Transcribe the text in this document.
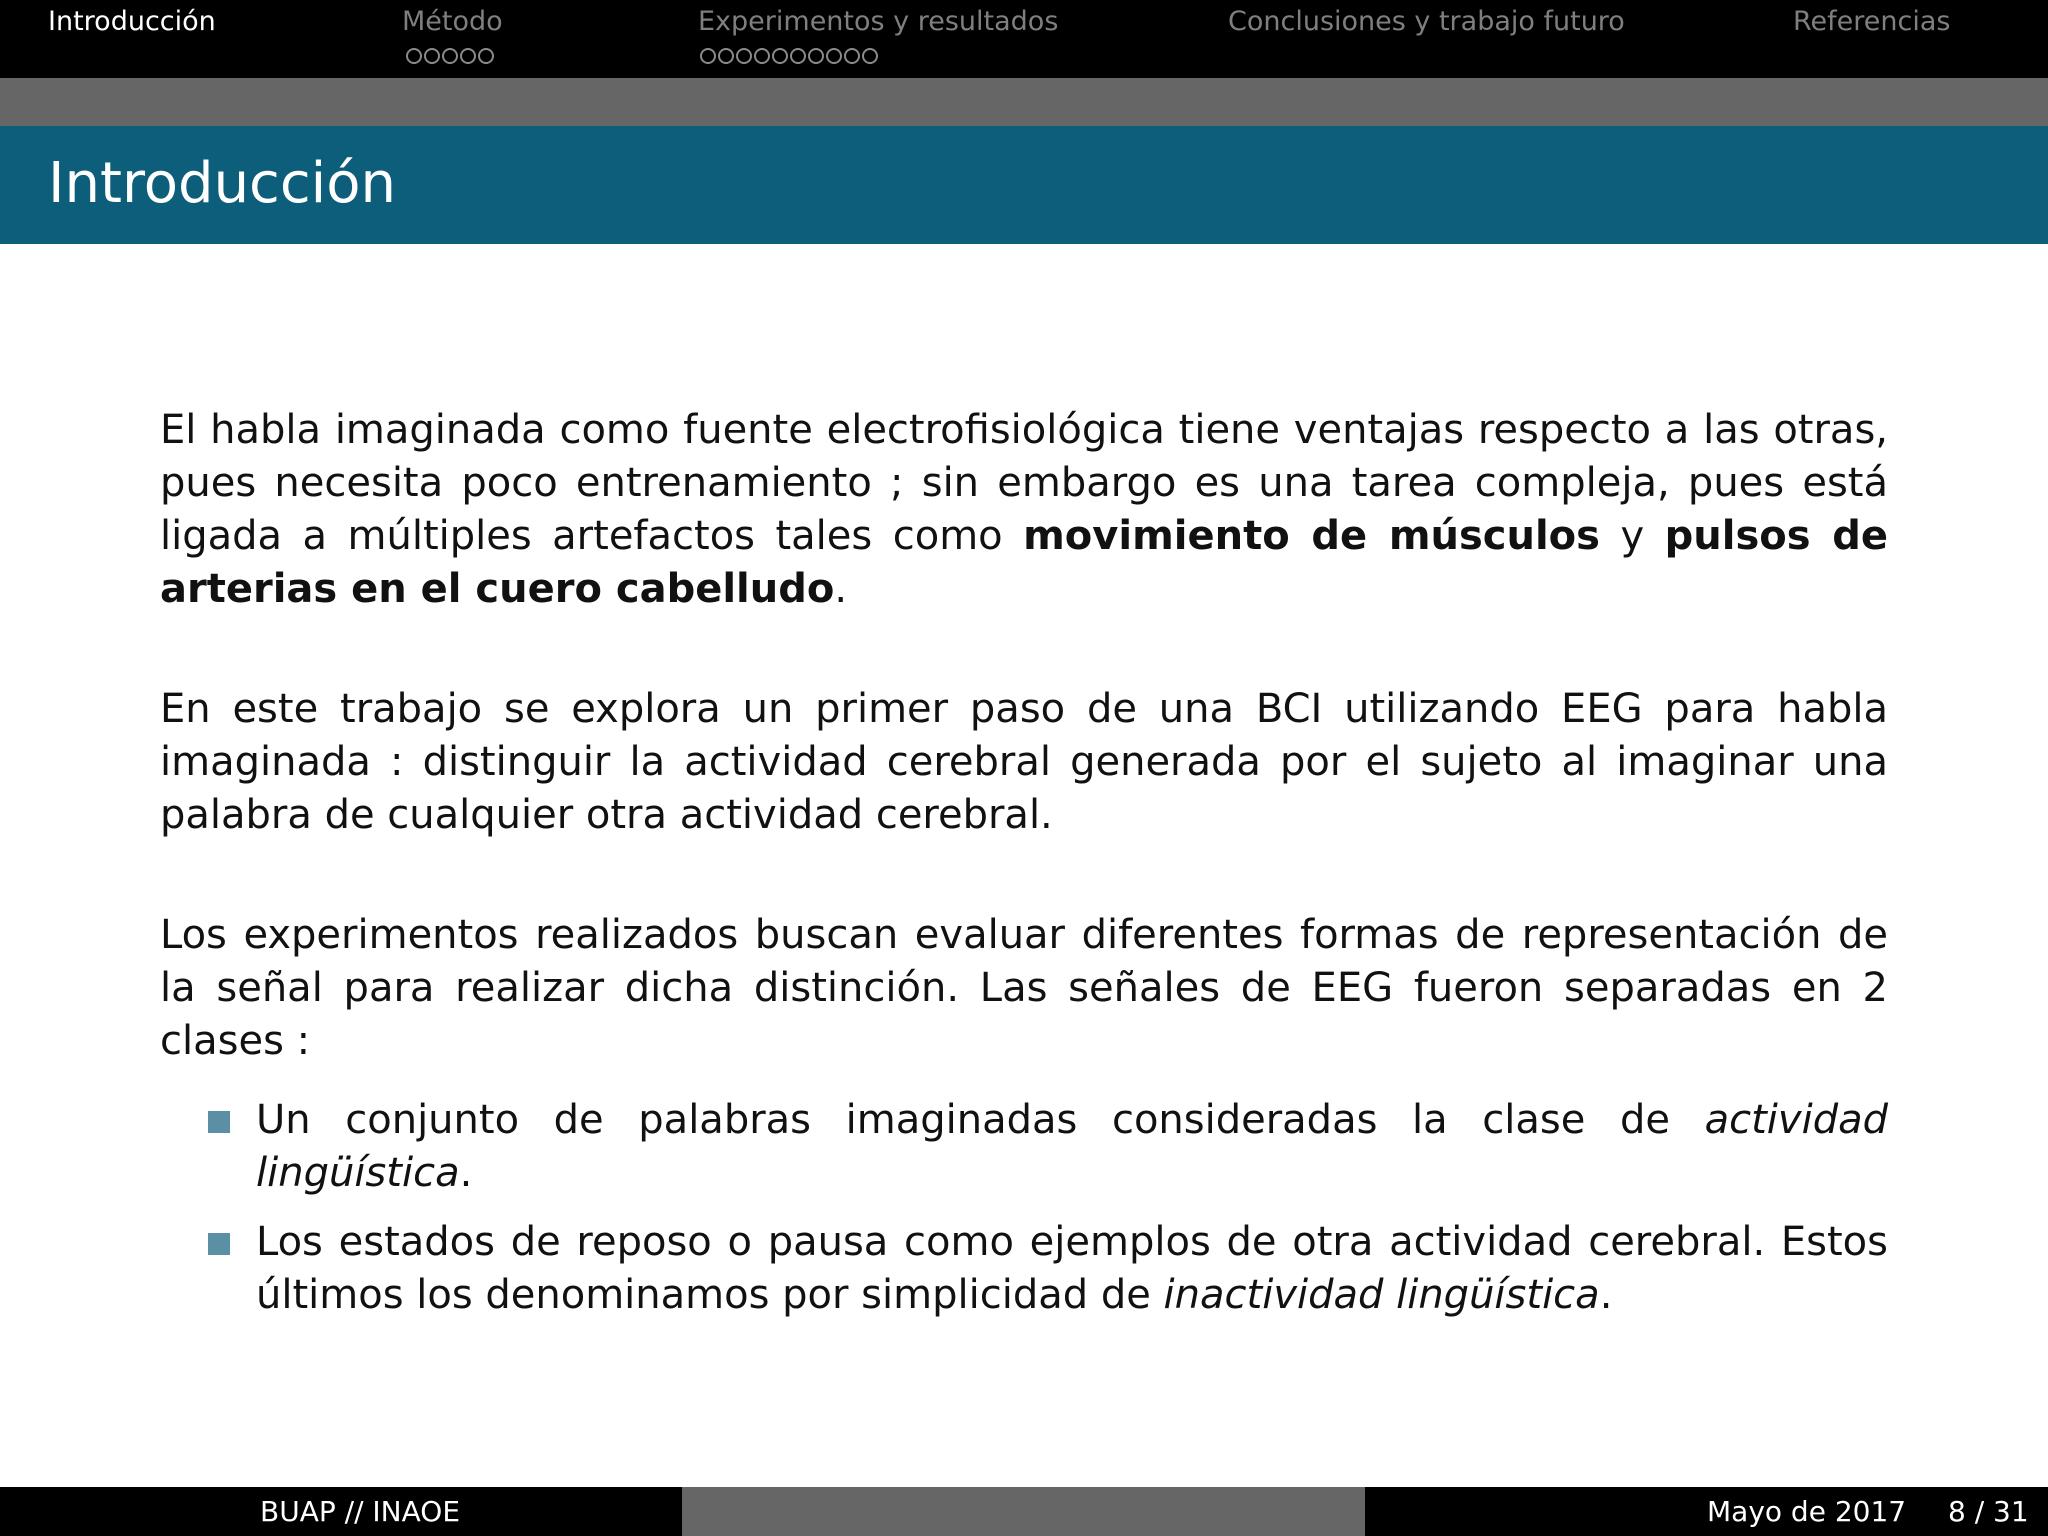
Introducción	Método	Experimentos y resultados	Conclusiones y trabajo futuro	Referencias
Introducción

El habla imaginada como fuente electrofisiológica tiene ventajas respecto a las otras, pues necesita poco entrenamiento ; sin embargo es una tarea compleja, pues está ligada a múltiples artefactos tales como movimiento de músculos y pulsos de arterias en el cuero cabelludo.

En este trabajo se explora un primer paso de una BCI utilizando EEG para habla imaginada : distinguir la actividad cerebral generada por el sujeto al imaginar una palabra de cualquier otra actividad cerebral.

Los experimentos realizados buscan evaluar diferentes formas de representación de la señal para realizar dicha distinción. Las señales de EEG fueron separadas en 2 clases :

Un conjunto de palabras imaginadas consideradas la clase de actividad lingüística.
Los estados de reposo o pausa como ejemplos de otra actividad cerebral. Estos últimos los denominamos por simplicidad de inactividad lingüística.
BUAP // INAOE	Mayo de 2017 8 / 31
